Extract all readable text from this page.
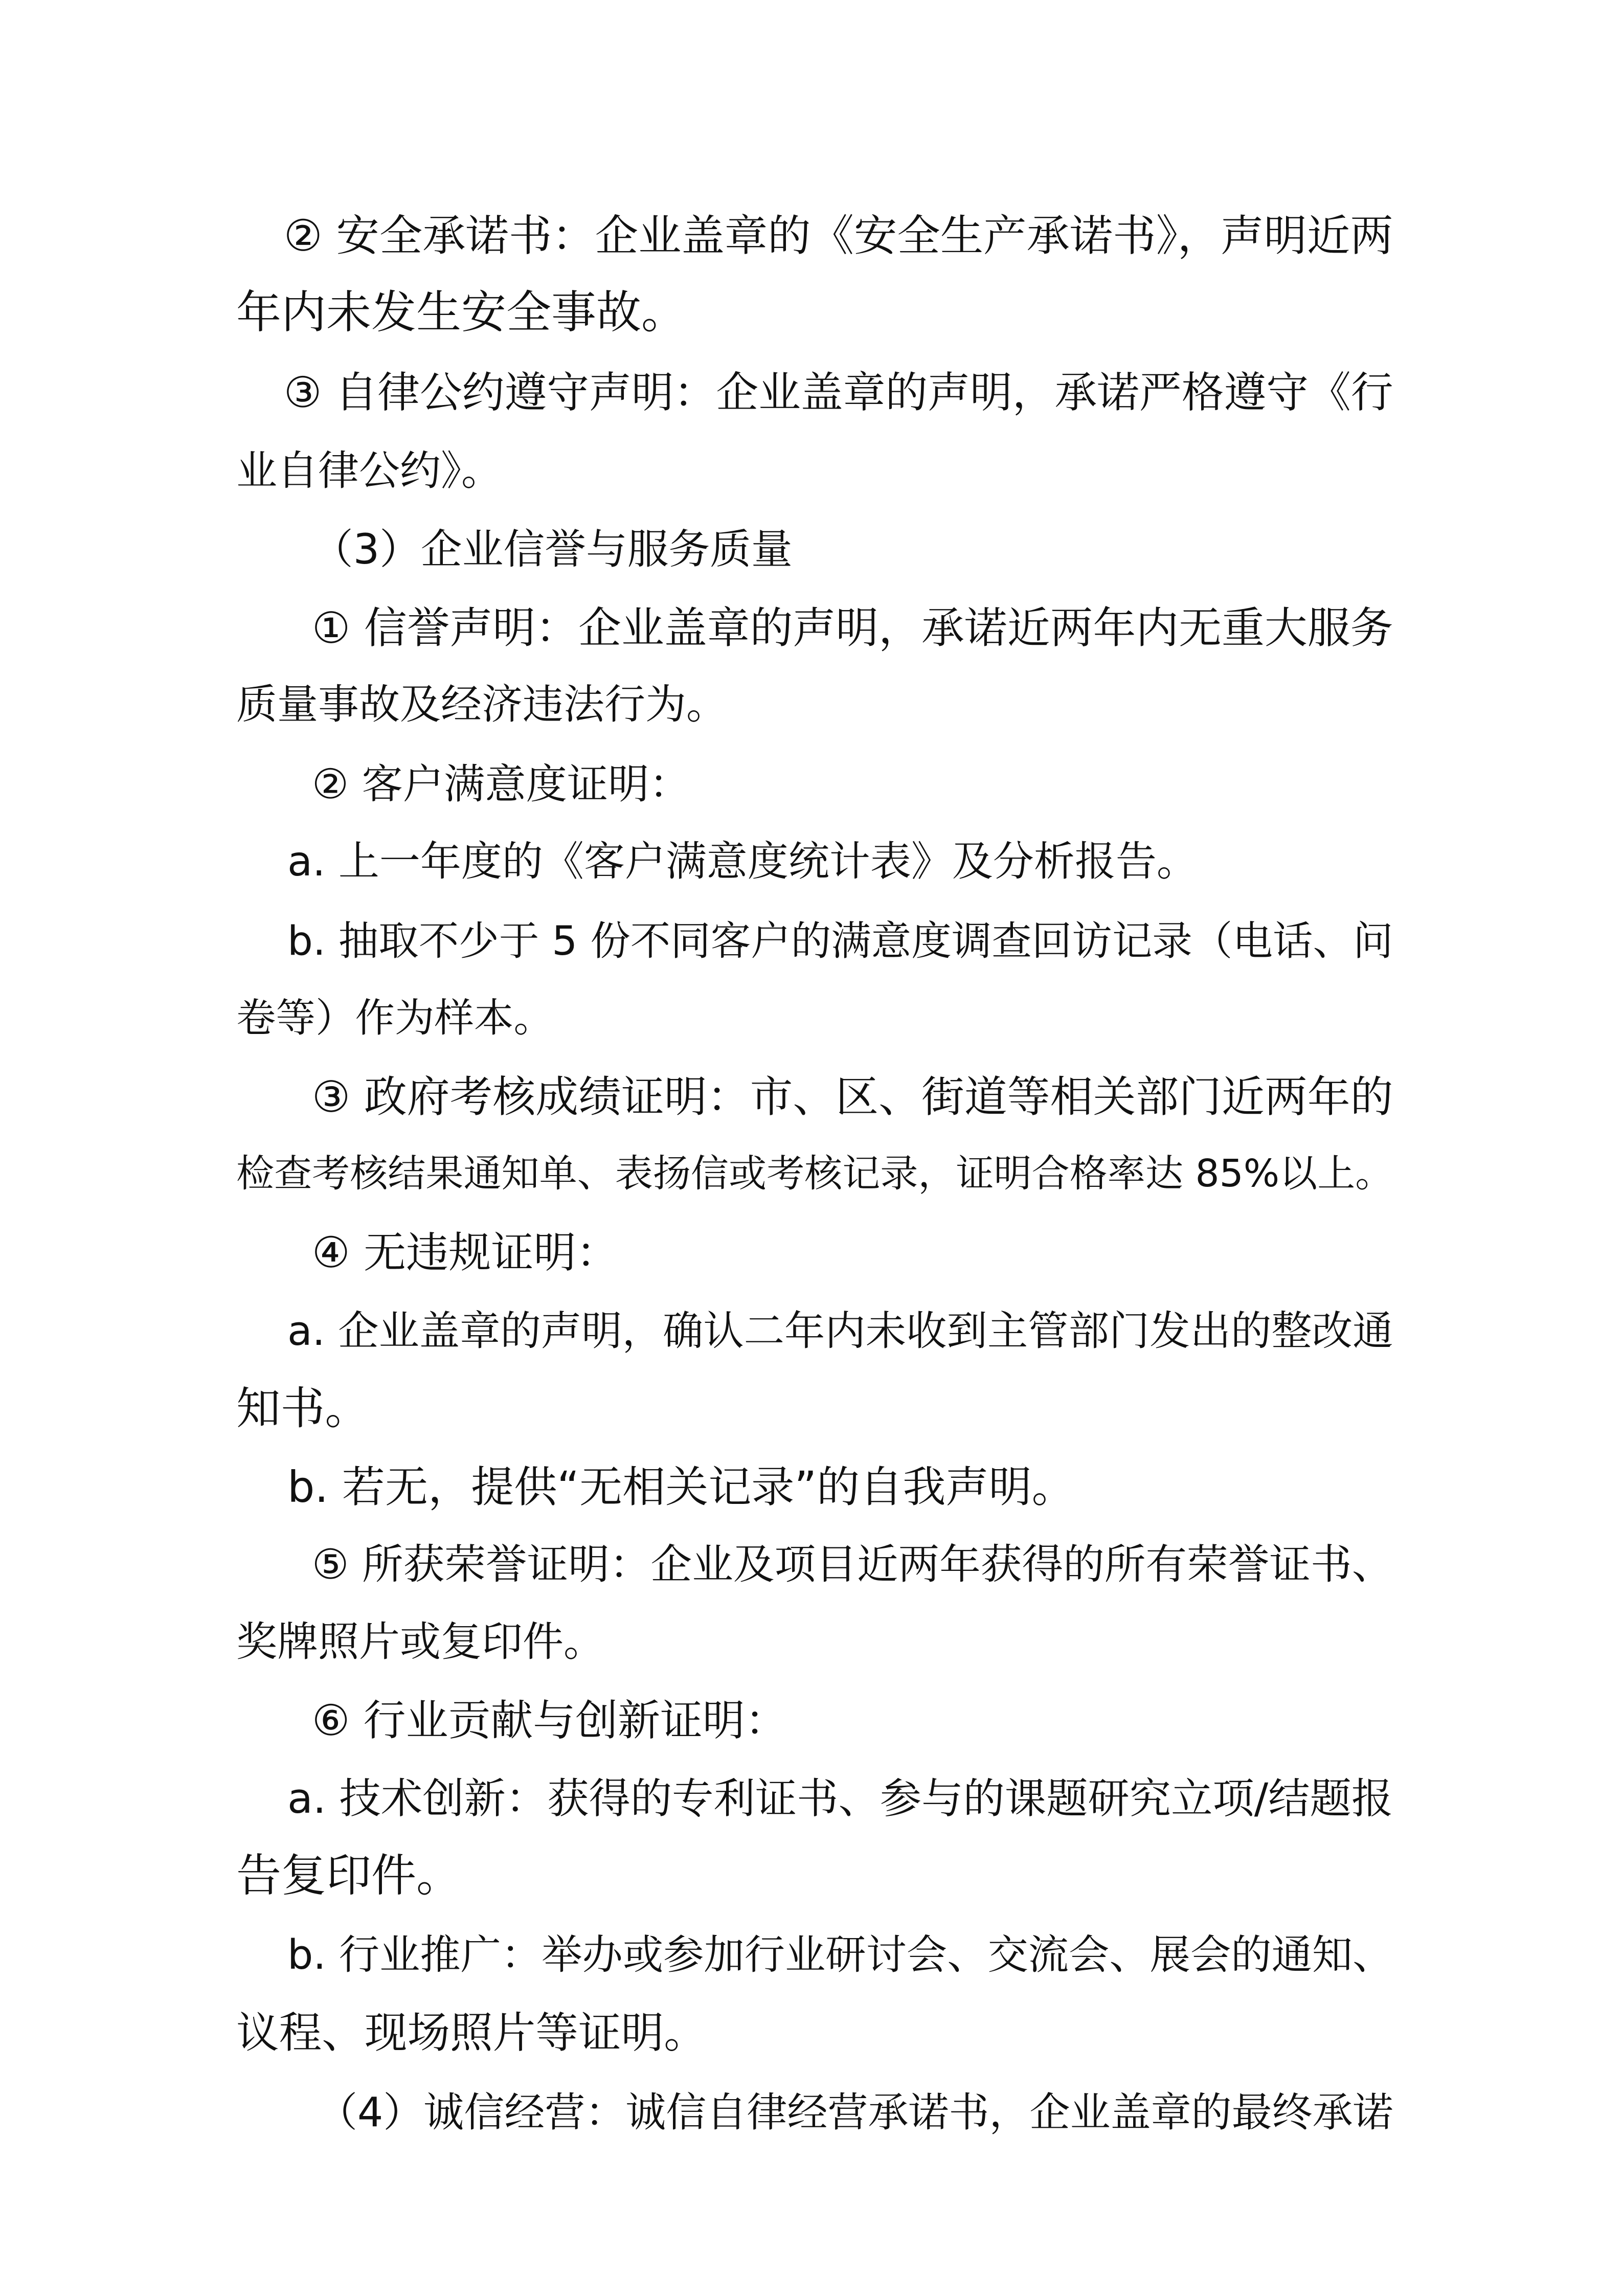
② 安全承诺书：企业盖章的《安全生产承诺书》，声明近两
年内未发生安全事故。
③ 自律公约遵守声明：企业盖章的声明，承诺严格遵守《行
业自律公约》。
（3）企业信誉与服务质量
① 信誉声明：企业盖章的声明，承诺近两年内无重大服务
质量事故及经济违法行为。
② 客户满意度证明：
a. 上一年度的《客户满意度统计表》及分析报告。
b. 抽取不少于 5 份不同客户的满意度调查回访记录（电话、问
卷等）作为样本。
③ 政府考核成绩证明：市、区、街道等相关部门近两年的
检查考核结果通知单、表扬信或考核记录，证明合格率达 85%以上。
④ 无违规证明：
a. 企业盖章的声明，确认二年内未收到主管部门发出的整改通
知书。
b. 若无，提供“无相关记录”的自我声明。
⑤ 所获荣誉证明：企业及项目近两年获得的所有荣誉证书、
奖牌照片或复印件。
⑥ 行业贡献与创新证明：
a. 技术创新：获得的专利证书、参与的课题研究立项/结题报
告复印件。
b. 行业推广：举办或参加行业研讨会、交流会、展会的通知、
议程、现场照片等证明。
（4）诚信经营：诚信自律经营承诺书，企业盖章的最终承诺
